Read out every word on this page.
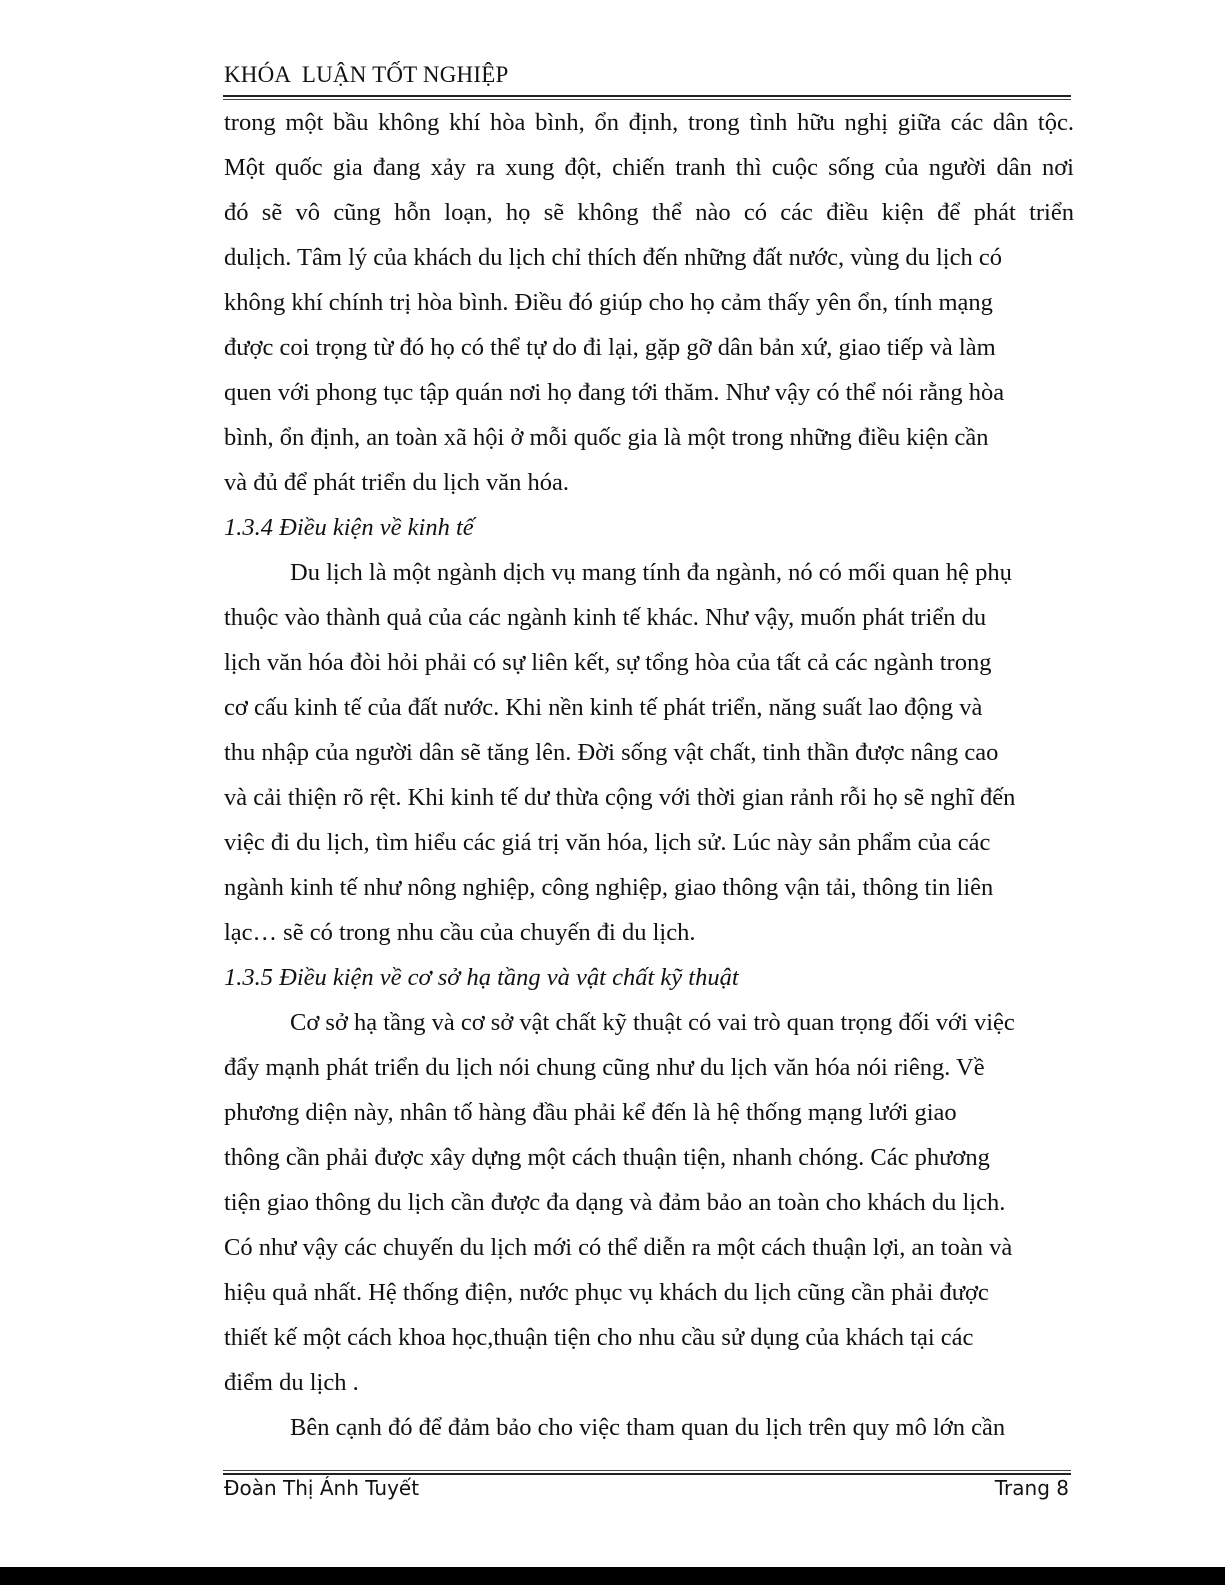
KHÓA  LUẬN TỐT NGHIỆP
trong một bầu không khí hòa bình, ổn định, trong tình hữu nghị giữa các dân tộc.
Một quốc gia đang xảy ra xung đột, chiến tranh thì cuộc sống của người dân nơi
đó sẽ vô cũng hỗn loạn, họ sẽ không thể nào có các điều kiện để phát triển
dulịch. Tâm lý của khách du lịch chỉ thích đến những đất nước, vùng du lịch có
không khí chính trị hòa bình. Điều đó giúp cho họ cảm thấy yên ổn, tính mạng
được coi trọng từ đó họ có thể tự do đi lại, gặp gỡ dân bản xứ, giao tiếp và làm
quen với phong tục tập quán nơi họ đang tới thăm. Như vậy có thể nói rằng hòa
bình, ổn định, an toàn xã hội ở mỗi quốc gia là một trong những điều kiện cần
và đủ để phát triển du lịch văn hóa.
1.3.4 Điều kiện về kinh tế
Du lịch là một ngành dịch vụ mang tính đa ngành, nó có mối quan hệ phụ
thuộc vào thành quả của các ngành kinh tế khác. Như vậy, muốn phát triển du
lịch văn hóa đòi hỏi phải có sự liên kết, sự tổng hòa của tất cả các ngành trong
cơ cấu kinh tế của đất nước. Khi nền kinh tế phát triển, năng suất lao động và
thu nhập của người dân sẽ tăng lên. Đời sống vật chất, tinh thần được nâng cao
và cải thiện rõ rệt. Khi kinh tế dư thừa cộng với thời gian rảnh rỗi họ sẽ nghĩ đến
việc đi du lịch, tìm hiểu các giá trị văn hóa, lịch sử. Lúc này sản phẩm của các
ngành kinh tế như nông nghiệp, công nghiệp, giao thông vận tải, thông tin liên
lạc… sẽ có trong nhu cầu của chuyến đi du lịch.
1.3.5 Điều kiện về cơ sở hạ tầng và vật chất kỹ thuật
Cơ sở hạ tầng và cơ sở vật chất kỹ thuật có vai trò quan trọng đối với việc
đẩy mạnh phát triển du lịch nói chung cũng như du lịch văn hóa nói riêng. Về
phương diện này, nhân tố hàng đầu phải kể đến là hệ thống mạng lưới giao
thông cần phải được xây dựng một cách thuận tiện, nhanh chóng. Các phương
tiện giao thông du lịch cần được đa dạng và đảm bảo an toàn cho khách du lịch.
Có như vậy các chuyến du lịch mới có thể diễn ra một cách thuận lợi, an toàn và
hiệu quả nhất. Hệ thống điện, nước phục vụ khách du lịch cũng cần phải được
thiết kế một cách khoa học,thuận tiện cho nhu cầu sử dụng của khách tại các
điểm du lịch .
Bên cạnh đó để đảm bảo cho việc tham quan du lịch trên quy mô lớn cần
Đoàn Thị Ánh Tuyết	Trang 8
